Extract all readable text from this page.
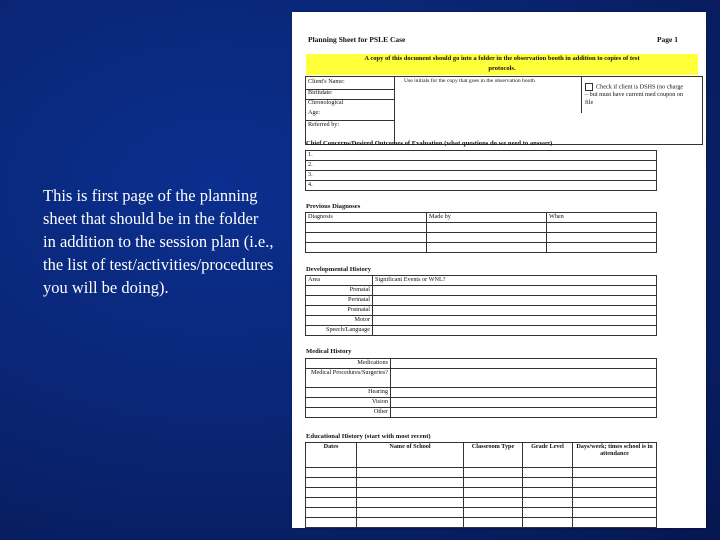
This is first page of the planning sheet that should be in the folder in addition to the session plan (i.e., the list of test/activities/procedures you will be doing).
Planning Sheet for PSLE Case	Page 1
A copy of this document should go into a folder in the observation booth in addition to copies of test
protocols.
Client's Name:
Birthdate:
Chronological
Age:
Referred by:
Use initials for the copy that goes in the observation booth
Check if client is DSHS (no charge – but must have current med coupon on file
Chief Concerns/Desired Outcomes of Evaluation (what questions do we need to answer)
1.
2.
3.
4.
Previous Diagnoses
Diagnosis	Made by	When

Developmental History
Area	Significant Events or WNL?
Prenatal	
Perinatal	
Postnatal	
Motor	
Speech/Language	
Medical History
Medications	
Medical Procedures/Surgeries?	
Hearing	
Vision	
Other	
Educational History (start with most recent)
Dates	Name of School	Classroom Type	Grade Level	Days/week; times school is in attendance
